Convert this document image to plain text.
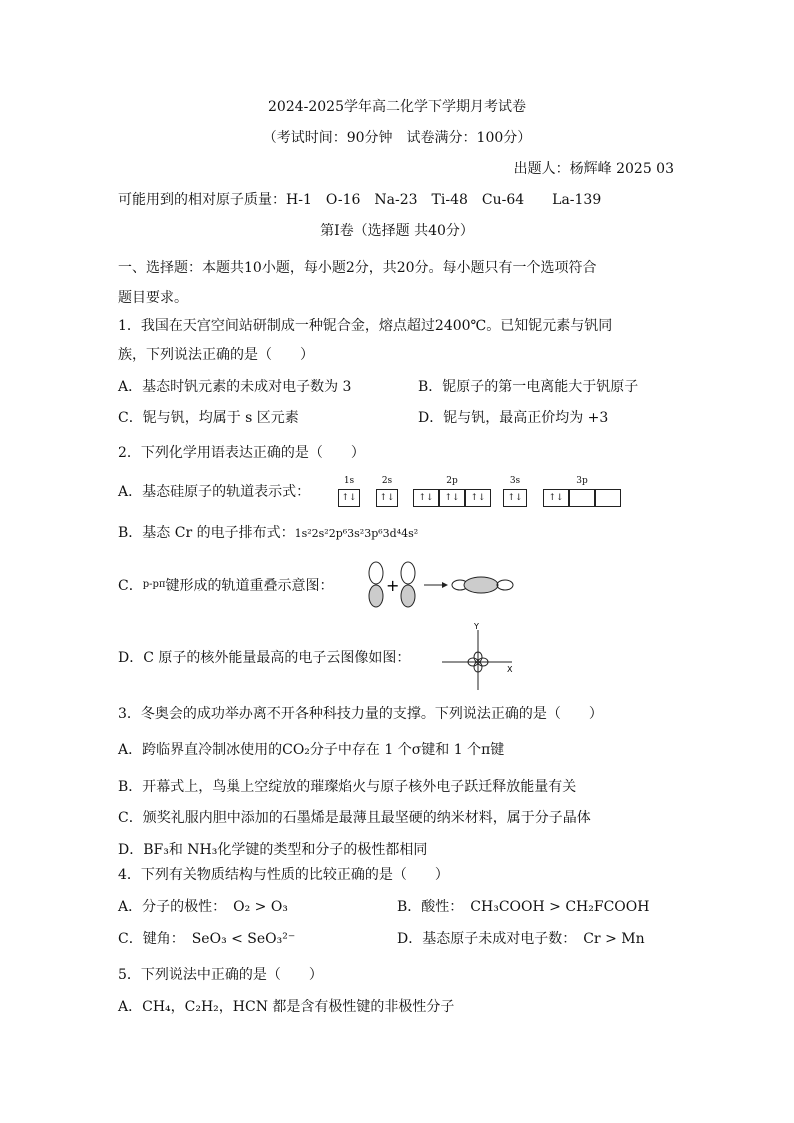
2024-2025学年高二化学下学期月考试卷
（考试时间：90分钟　试卷满分：100分）
出题人：杨辉峰 2025 03
可能用到的相对原子质量：H-1　O-16　Na-23　Ti-48　Cu-64　　La-139
第Ⅰ卷（选择题 共40分）
一、选择题：本题共10小题，每小题2分，共20分。每小题只有一个选项符合
题目要求。
1．我国在天宫空间站研制成一种铌合金，熔点超过2400℃。已知铌元素与钒同
族，下列说法正确的是（　　）
A．基态时钒元素的未成对电子数为 3	B．铌原子的第一电离能大于钒原子
C．铌与钒，均属于 s 区元素	D．铌与钒，最高正价均为 +3
2．下列化学用语表达正确的是（　　）
A．基态硅原子的轨道表示式：
1s
↑↓
2s
↑↓
2p
↑↓	↑↓	↑↓
3s
↑↓
3p
↑↓
B．基态 Cr 的电子排布式：1s²2s²2p⁶3s²3p⁶3d⁴4s²
C．$^{p-p\pi}$键形成的轨道重叠示意图：	+
D．C 原子的核外能量最高的电子云图像如图：
Y
X
3．冬奥会的成功举办离不开各种科技力量的支撑。下列说法正确的是（　　）
A．跨临界直冷制冰使用的CO₂分子中存在 1 个σ键和 1 个π键
B．开幕式上，鸟巢上空绽放的璀璨焰火与原子核外电子跃迁释放能量有关
C．颁奖礼服内胆中添加的石墨烯是最薄且最坚硬的纳米材料，属于分子晶体
D．BF₃和 NH₃化学键的类型和分子的极性都相同
4．下列有关物质结构与性质的比较正确的是（　　）
A．分子的极性：　O₂ > O₃	B．酸性：　CH₃COOH > CH₂FCOOH
C．键角：　SeO₃ < SeO₃²⁻	D．基态原子未成对电子数：　Cr > Mn
5．下列说法中正确的是（　　）
A．CH₄，C₂H₂，HCN 都是含有极性键的非极性分子
